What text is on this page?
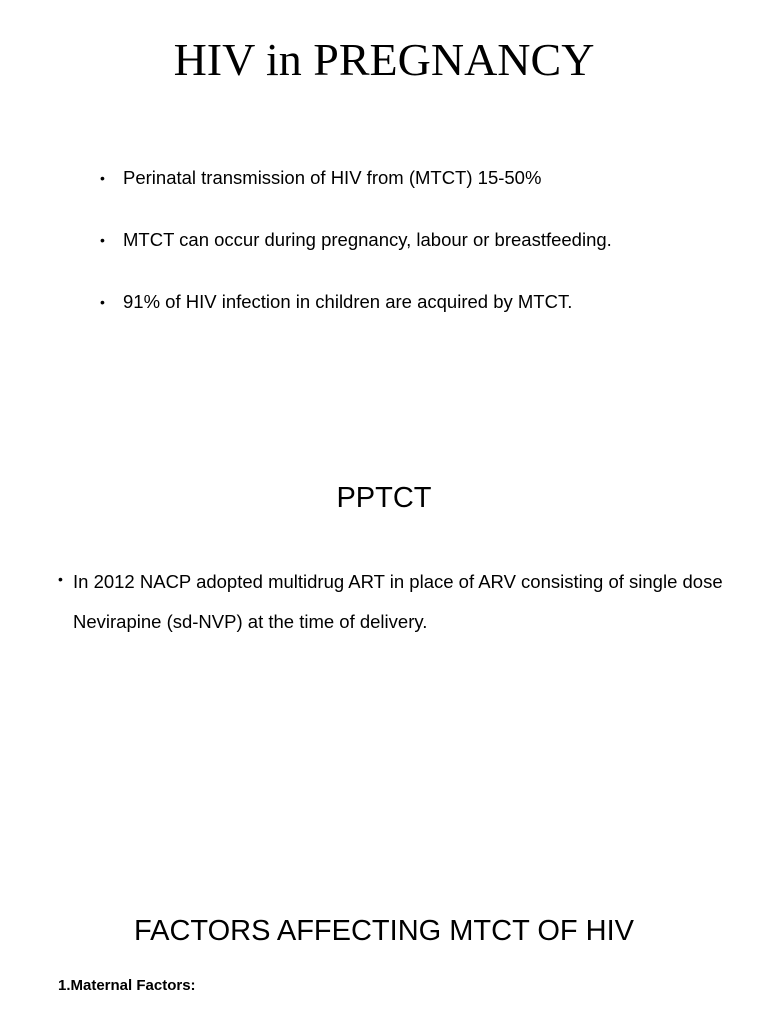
HIV in PREGNANCY
• Perinatal transmission of HIV from (MTCT) 15-50%
• MTCT can occur during pregnancy, labour or breastfeeding.
• 91% of HIV infection in children are acquired by MTCT.
PPTCT
• In 2012 NACP adopted multidrug ART in place of ARV consisting of single dose Nevirapine (sd-NVP) at the time of delivery.
FACTORS AFFECTING MTCT OF HIV

1.Maternal Factors:
